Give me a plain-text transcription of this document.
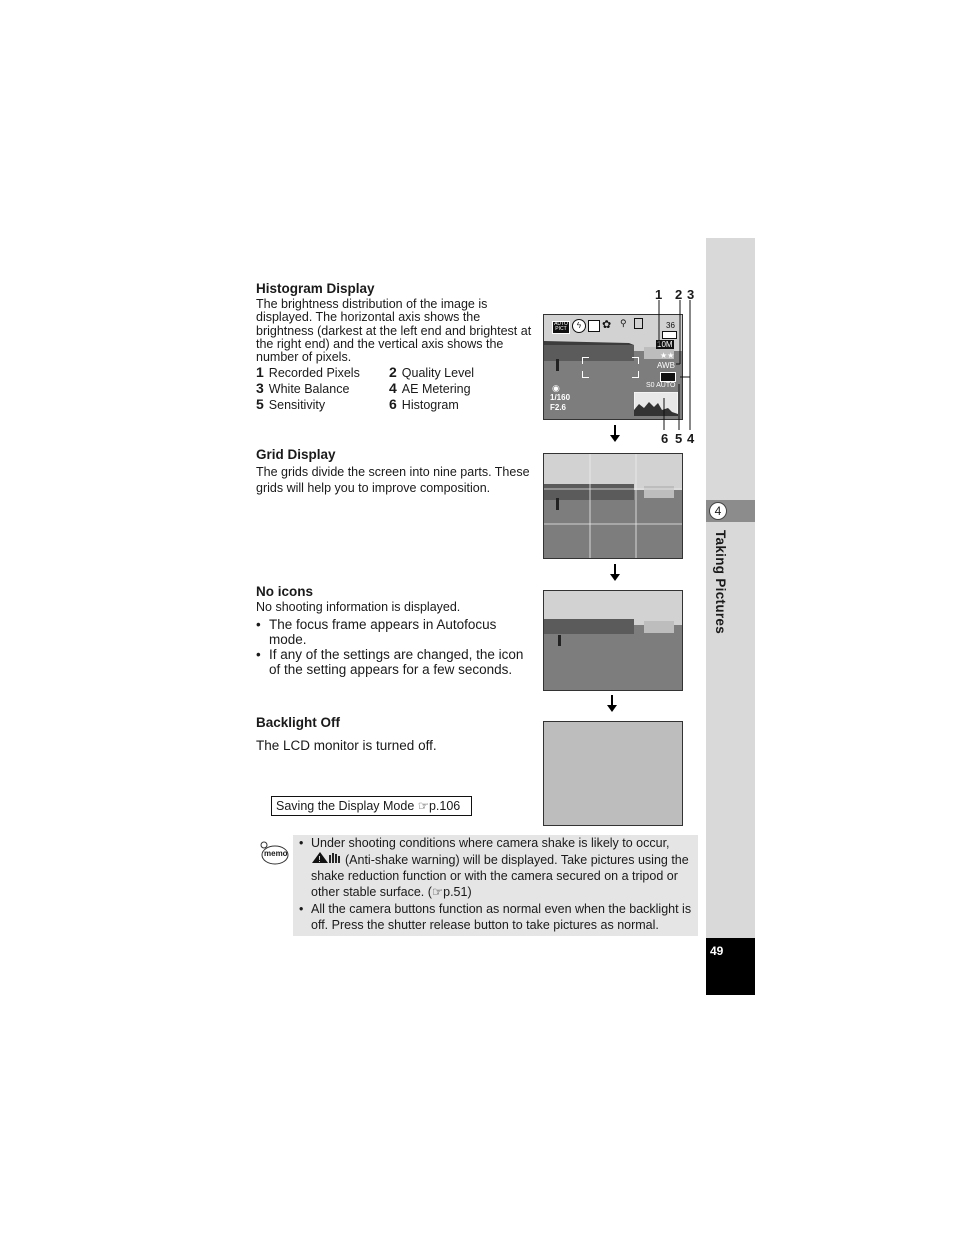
4
Taking Pictures
49
Histogram Display
The brightness distribution of the image is displayed. The horizontal axis shows the brightness (darkest at the left end and brightest at the right end) and the vertical axis shows the number of pixels.
1 Recorded Pixels 2 Quality Level
3 White Balance	4 AE Metering
5 Sensitivity	6 Histogram
1 2 3
6 5 4
AUTO PICT	ϟ	✿ ⚲	36
10M
★★
AWB
S0 AUTO
◉
1/160
F2.6
Grid Display
The grids divide the screen into nine parts. These grids will help you to improve composition.
No icons
No shooting information is displayed.
• The focus frame appears in Autofocus mode.
• If any of the settings are changed, the icon of the setting appears for a few seconds.
Backlight Off
The LCD monitor is turned off.
Saving the Display Mode ☞p.106
memo
• Under shooting conditions where camera shake is likely to occur,

! (Anti-shake warning) will be displayed. Take pictures using the shake reduction function or with the camera secured on a tripod or other stable surface. (☞p.51)
• All the camera buttons function as normal even when the backlight is off. Press the shutter release button to take pictures as normal.
